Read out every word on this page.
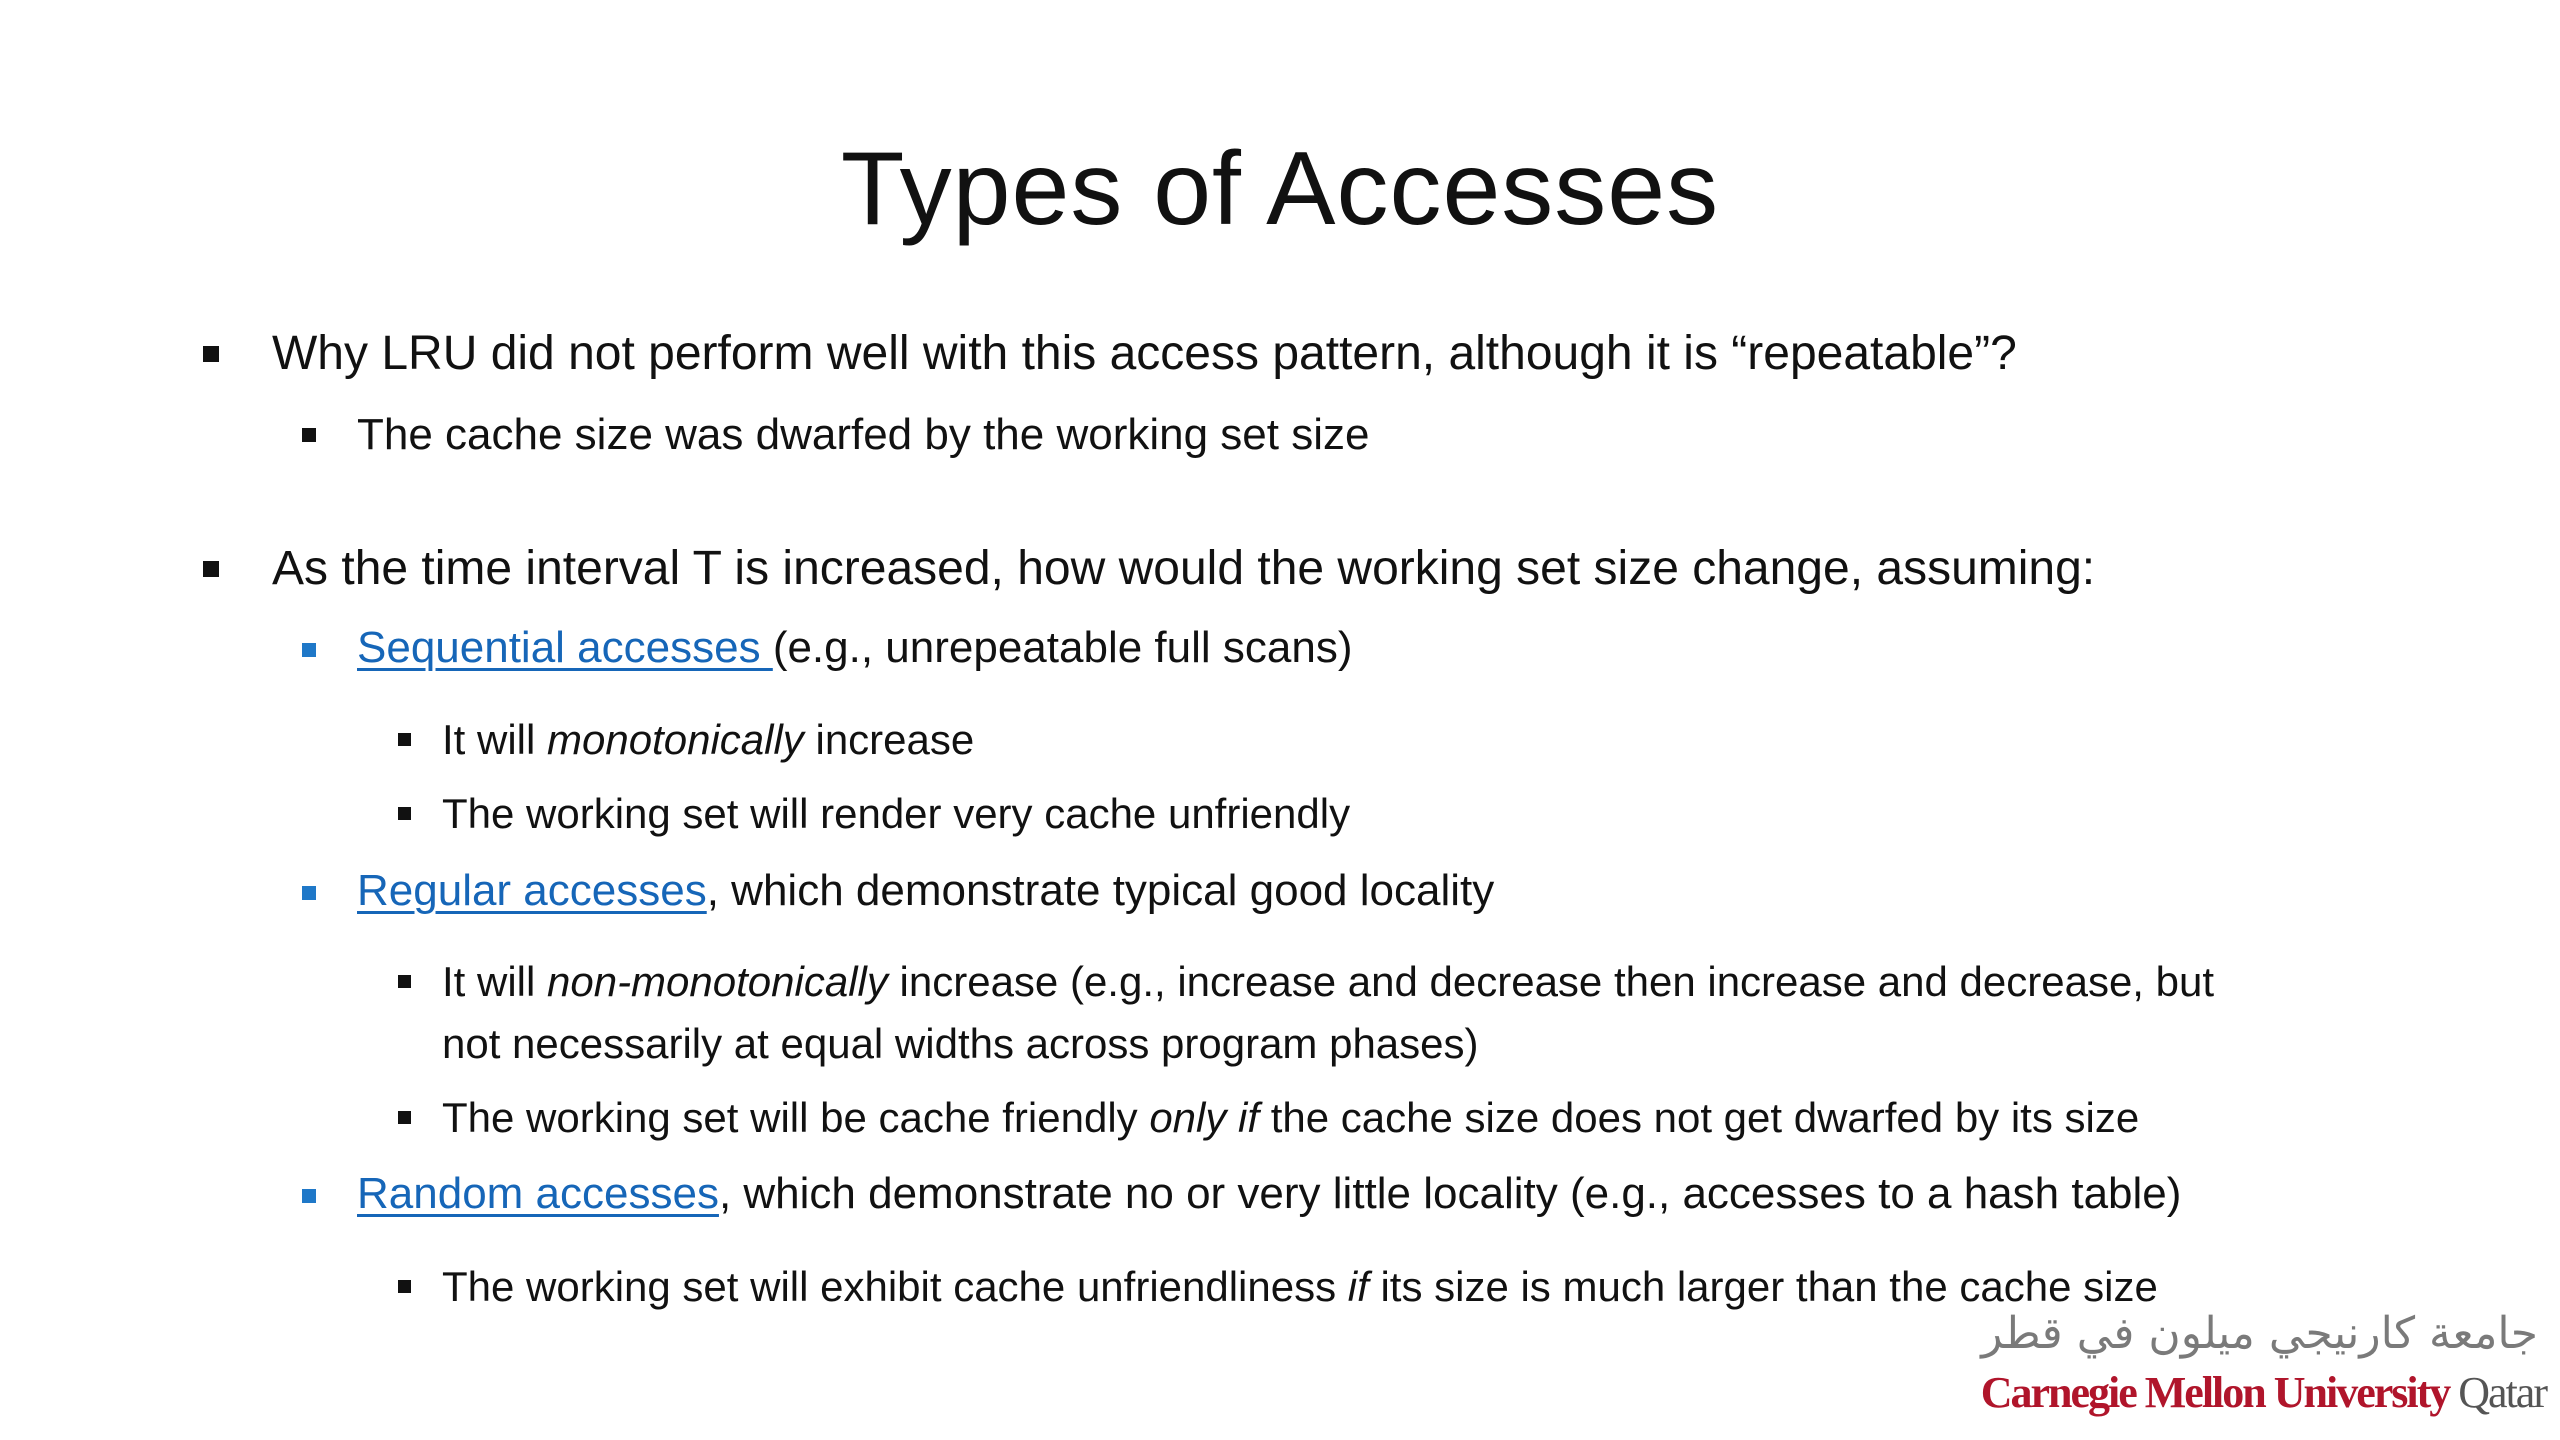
Types of Accesses
Why LRU did not perform well with this access pattern, although it is “repeatable”?
The cache size was dwarfed by the working set size
As the time interval T is increased, how would the working set size change, assuming:
Sequential accesses (e.g., unrepeatable full scans)
It will monotonically increase
The working set will render very cache unfriendly
Regular accesses, which demonstrate typical good locality
It will non-monotonically increase (e.g., increase and decrease then increase and decrease, but
not necessarily at equal widths across program phases)
The working set will be cache friendly only if the cache size does not get dwarfed by its size
Random accesses, which demonstrate no or very little locality (e.g., accesses to a hash table)
The working set will exhibit cache unfriendliness if its size is much larger than the cache size
جامعة كارنيجي ميلون في قطر
Carnegie Mellon University Qatar
